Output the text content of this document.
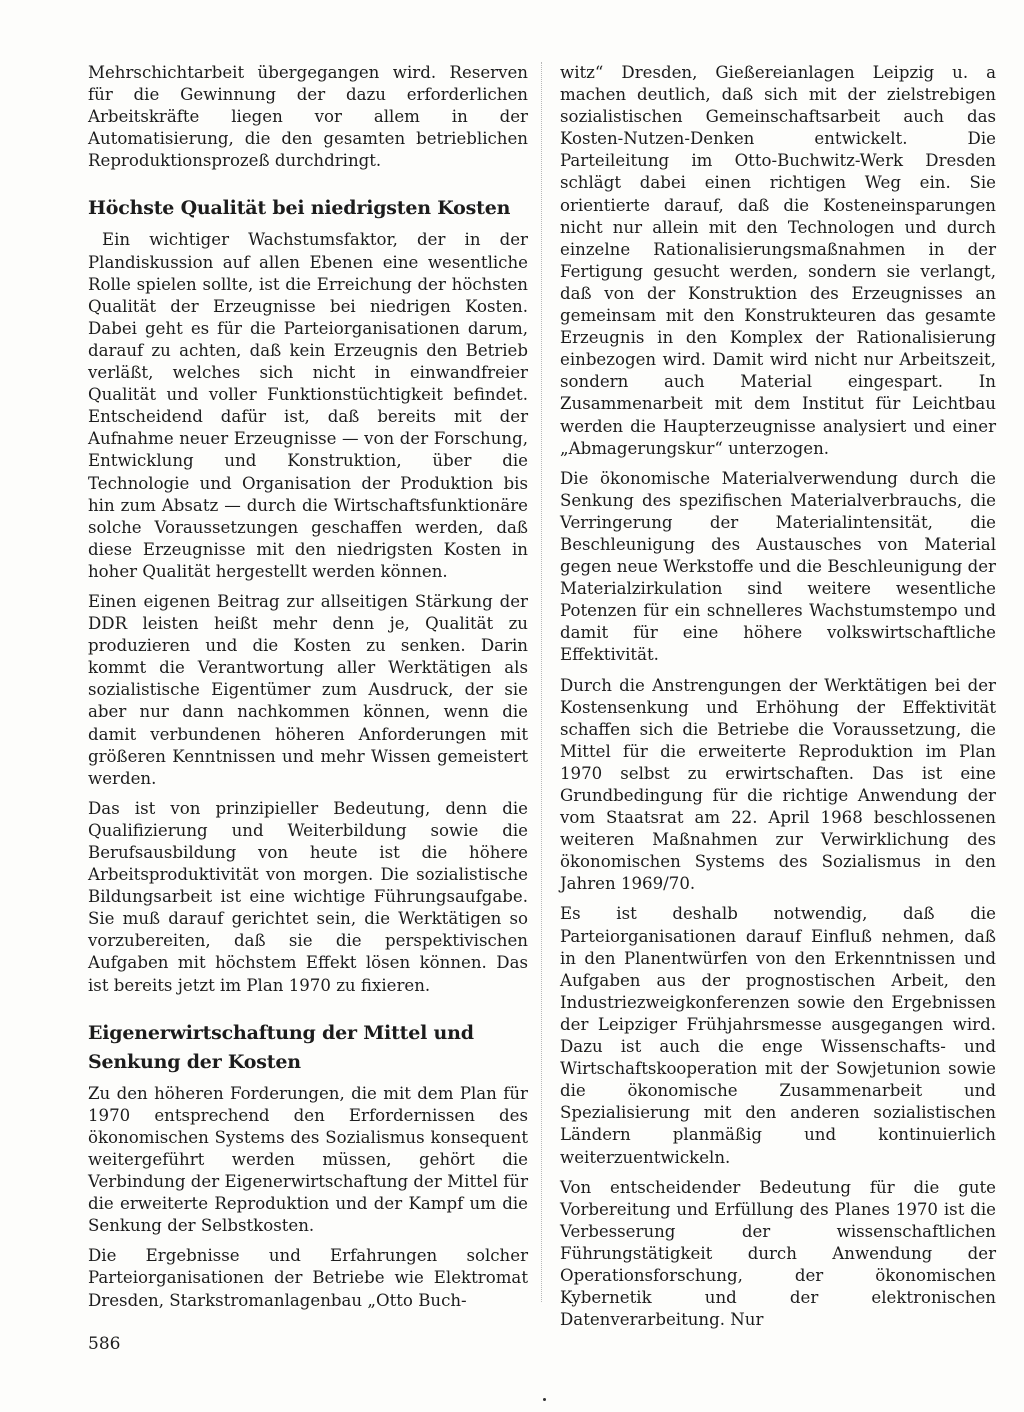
Mehrschichtarbeit übergegangen wird. Reserven für die Gewinnung der dazu erforderlichen Arbeitskräfte liegen vor allem in der Automatisierung, die den gesamten betrieblichen Reproduktionsprozeß durchdringt.

Höchste Qualität bei niedrigsten Kosten

Ein wichtiger Wachstumsfaktor, der in der Plandiskussion auf allen Ebenen eine wesentliche Rolle spielen sollte, ist die Erreichung der höchsten Qualität der Erzeugnisse bei niedrigen Kosten. Dabei geht es für die Parteiorganisationen darum, darauf zu achten, daß kein Erzeugnis den Betrieb verläßt, welches sich nicht in einwandfreier Qualität und voller Funktionstüchtigkeit befindet. Entscheidend dafür ist, daß bereits mit der Aufnahme neuer Erzeugnisse — von der Forschung, Entwicklung und Konstruktion, über die Technologie und Organisation der Produktion bis hin zum Absatz — durch die Wirtschaftsfunktionäre solche Voraussetzungen geschaffen werden, daß diese Erzeugnisse mit den niedrigsten Kosten in hoher Qualität hergestellt werden können.

Einen eigenen Beitrag zur allseitigen Stärkung der DDR leisten heißt mehr denn je, Qualität zu produzieren und die Kosten zu senken. Darin kommt die Verantwortung aller Werktätigen als sozialistische Eigentümer zum Ausdruck, der sie aber nur dann nachkommen können, wenn die damit verbundenen höheren Anforderungen mit größeren Kenntnissen und mehr Wissen gemeistert werden.

Das ist von prinzipieller Bedeutung, denn die Qualifizierung und Weiterbildung sowie die Berufsausbildung von heute ist die höhere Arbeitsproduktivität von morgen. Die sozialistische Bildungsarbeit ist eine wichtige Führungsaufgabe. Sie muß darauf gerichtet sein, die Werktätigen so vorzubereiten, daß sie die perspektivischen Aufgaben mit höchstem Effekt lösen können. Das ist bereits jetzt im Plan 1970 zu fixieren.

Eigenerwirtschaftung der Mittel und Senkung der Kosten

Zu den höheren Forderungen, die mit dem Plan für 1970 entsprechend den Erfordernissen des ökonomischen Systems des Sozialismus konsequent weitergeführt werden müssen, gehört die Verbindung der Eigenerwirtschaftung der Mittel für die erweiterte Reproduktion und der Kampf um die Senkung der Selbstkosten.

Die Ergebnisse und Erfahrungen solcher Parteiorganisationen der Betriebe wie Elektromat Dresden, Starkstromanlagenbau „Otto Buch-

witz“ Dresden, Gießereianlagen Leipzig u. a machen deutlich, daß sich mit der zielstrebigen sozialistischen Gemeinschaftsarbeit auch das Kosten-Nutzen-Denken entwickelt. Die Parteileitung im Otto-Buchwitz-Werk Dresden schlägt dabei einen richtigen Weg ein. Sie orientierte darauf, daß die Kosteneinsparungen nicht nur allein mit den Technologen und durch einzelne Rationalisierungsmaßnahmen in der Fertigung gesucht werden, sondern sie verlangt, daß von der Konstruktion des Erzeugnisses an gemeinsam mit den Konstrukteuren das gesamte Erzeugnis in den Komplex der Rationalisierung einbezogen wird. Damit wird nicht nur Arbeitszeit, sondern auch Material eingespart. In Zusammenarbeit mit dem Institut für Leichtbau werden die Haupterzeugnisse analysiert und einer „Abmagerungskur“ unterzogen.

Die ökonomische Materialverwendung durch die Senkung des spezifischen Materialverbrauchs, die Verringerung der Materialintensität, die Beschleunigung des Austausches von Material gegen neue Werkstoffe und die Beschleunigung der Materialzirkulation sind weitere wesentliche Potenzen für ein schnelleres Wachstumstempo und damit für eine höhere volkswirtschaftliche Effektivität.

Durch die Anstrengungen der Werktätigen bei der Kostensenkung und Erhöhung der Effektivität schaffen sich die Betriebe die Voraussetzung, die Mittel für die erweiterte Reproduktion im Plan 1970 selbst zu erwirtschaften. Das ist eine Grundbedingung für die richtige Anwendung der vom Staatsrat am 22. April 1968 beschlossenen weiteren Maßnahmen zur Verwirklichung des ökonomischen Systems des Sozialismus in den Jahren 1969/70.

Es ist deshalb notwendig, daß die Parteiorganisationen darauf Einfluß nehmen, daß in den Planentwürfen von den Erkenntnissen und Aufgaben aus der prognostischen Arbeit, den Industriezweigkonferenzen sowie den Ergebnissen der Leipziger Frühjahrsmesse ausgegangen wird. Dazu ist auch die enge Wissenschafts- und Wirtschaftskooperation mit der Sowjetunion sowie die ökonomische Zusammenarbeit und Spezialisierung mit den anderen sozialistischen Ländern planmäßig und kontinuierlich weiterzuentwickeln.

Von entscheidender Bedeutung für die gute Vorbereitung und Erfüllung des Planes 1970 ist die Verbesserung der wissenschaftlichen Führungstätigkeit durch Anwendung der Operationsforschung, der ökonomischen Kybernetik und der elektronischen Datenverarbeitung. Nur

586
